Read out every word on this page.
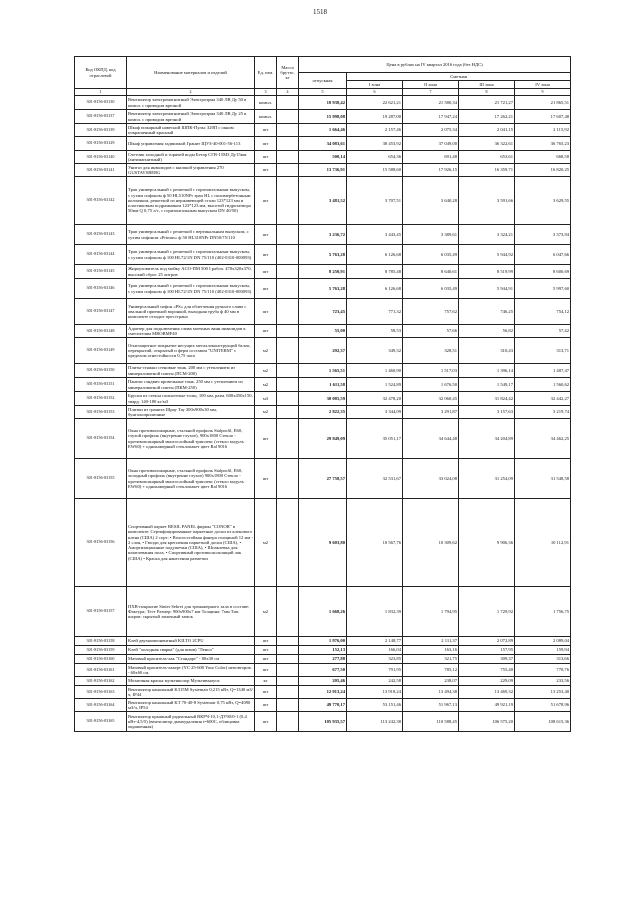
1518
Код ОКПД, код отраслевой	Наименование материалов и изделий	Ед. изм.	Масса брутто, кг	Цена в рублях на IV квартал 2016 года (без НДС)				
				отпускная	Сметная			
					I зона	II зона	III зона	IV зона
1	2	3	4	5	6	7	8	9
301-8156-03130	Вентилятор электромагнитный Электроэрма 340 ЛВ Ду 50 в компл. с приводом врезной	компл.		18 938,42	22 621,21	21 580,34	21 721,27	21 865,51
301-8156-03137	Вентилятор электромагнитный Электроэрма 340 ЛВ Ду 25 в компл. с приводом врезной	компл.		15 998,08	19 287,00	17 947,24	17 262,21	17 607,48
301-8156-03139	Шкаф пожарный навесной ШПК-Пульс 320П с окном покрашенный красный	шт		1 664,46	2 157,46	2 075,34	2 041,15	2 115,92
301-8156-03129	Шкаф управления задвижкой Гранит ЩУЗ-40-001-56-113	шт		34 083,61	38 453,92	37 049,00	36 322,61	36 765,23
301-8156-03140	Счетчик холодной и горячей воды Бетар СГВ-15М3 Ду15мм (антимагнитный)	шт		500,14	654,36	691,48	653,61	668,58
301-8156-03141	Унитаз для инвалидов с кнопкой управления 270 GUSTAVSBERG	шт		13 736,91	15 588,60	17 926,15	16 359,71	16 820,25
301-8156-03142	Трап универсальный с решеткой с горизонтальным выпуском, с сухим сифоном ф 50 HL510NPr трап HL с полимербетонным колпачком, решеткой из нержавеющей стали 123*123 мм и пластиковым подрамником 123*123 мм, высотой гидрозатвора 50мм Q 0,75 л/с, с горизонтальным выпуском DN 40/50)	шт		3 481,52	3 707,51	3 640,28	3 591,66	3 629,55
301-8156-03143	Трап универсальный с решеткой с вертикальным выпуском, с сухим сифоном «Primus» ф 50 HL310NPr DN50/75/110	шт		3 236,72	3 443,45	3 389,61	3 324,21	3 373,94
301-8156-03144	Трап универсальный с решеткой с горизонтальным выпуском, с сухим сифоном ф 100 HL72/1N DN 75/110 (402-0310-000093)	шт		5 763,28	6 126,68	6 035,49	5 944,92	6 047,66
301-8156-03145	Жироуловитель под мойку ACO-ПМ 500 I рабоч. 470х320х370, высокий сброс 25 литров	шт		8 250,91	8 785,48	8 640,61	8 519,99	8 600,69
301-8156-03146	Трап универсальный с решеткой с горизонтальным выпуском, с сухим сифоном ф 100 HL72/1N DN 75/110 (402-0310-000093)	шт		5 763,28	6 126,68	6 035,49	5 944,91	5 997,60
301-8156-03147	Универсальный сифон «PS» для облегчения ручного слива с овальной приемной воронкой, выходная труба ф 40 мм в комплекте отходит пресстрана	шт		723,45	771,32	757,62	746,25	754,12
301-8156-03148	Адаптер для подключения слива моечных ванн инвалидов к смесителям MRORMF40	шт		55,00	58,53	57,66	56,82	57,42
301-8156-03149	Огнезащитное покрытие несущих металлоконструкций балок, перекрытий, открытый и ферм составом "UNITERM" с пределом огнестойкости 0,75 часа	м2		292,37	349,32	328,51	310,43	313,71
301-8156-03150	Плиты-стяжки стеновые тонк. 200 мм с утеплением из минераловатной плиты (ПСМ-200)	м2		1 565,51	1 460,90	1 517,03	1 396,14	1 407,47
301-8156-03151	Панели сэндвич кровельные тонк. 250 мм с утеплением из минераловатной плиты (ПКМ-250)	м2		1 611,58	1 524,89	1 676,50	1 549,17	1 560,62
301-8156-03152	Бруски из стекла полнотелые толщ. 100 мм, разм. 600х450х150, твард. 140-180 кг/м3	м3		30 085,59	32 478,20	32 060,45	31 824,42	32 442,27
301-8156-03153	Плитки из гранита Шрау Тау 300х900х30 мм, бунгалоприличные	м2		2 822,35	3 344,09	3 291,87	3 157,63	3 219,74
301-8156-03154	Окна противопожарные, стальной профиль Stalprofil, E60, глухой профиль (внутренне глухое), 900х1800 Стекло - противопожарный многослойный триплекс (стекло модуль EW60) + однокамерный стеклопакет цвет Ral 9016	шт		29 849,09	35 051,17	34 644,48	34 204,89	34 462,25
301-8156-03155	Окна противопожарные, стальной профиль Stalprofil, E60, холодный профиль (внутренне глухое) 900х1800 Стекло - противопожарный многослойный триплекс (стекло модуль EW60) + однокамерный стеклопакет цвет Ral 9016	шт		27 758,57	32 531,67	33 024,08	31 254,09	31 548,58
301-8156-03156	Спортивный паркет RESIL PANEL фирмы "CONOR" в комплекте: Сертифицированные паркетные доски из кленового клена (США) 2 сорт: • Вологостойкая фанера толщиной 12 мм - 2 слоя, • Гвозди для крепления паркетной доски (США), • Амортизационные подушечки (США), • Шпаклевка для шпатлевания пола, • Спортивный противоскользящий лак (США) • Краска для нанесения разметки	м2		9 603,80	10 567,76	10 309,62	9 906,36	10 112,91
301-8156-03157	ПХВ-покрытие Sinter Sekret для тренажерного зала в составе: Фактура: Тест Размер: 900х900х7 мм Толщина: 7мм Тип. шаров: скрытый замочный замок	м2		1 668,26	1 832,39	1 794,95	1 729,92	1 756,75
301-8156-03158	Клей двухкомпонентный KILTO 2CPU	шт		1 976,00	2 148,77	2 111,37	2 072,89	2 089,04
301-8156-03159	Клей "холодная сварка" (для швов) "Ленол"	шт		152,13	166,04	163,16	157,95	159,94
301-8156-03160	Матовый краситель-лак "Стандарт" - 80х30 см	шт		277,88	323,85	321,75	309,37	313,66
301-8156-03161	Матовый краситель-лакерт (YC 25-600 Your Color) неповторов. - 60х60 см.	шт		677,50	791,95	785,12	755,40	770,76
301-8156-03162	Мозаичная краска мультиколор Мультивыпуск	кг		205,46	242,58	238,07	229,09	233,56
301-8156-03163	Вентилятор канальный K315M Systemair 0,215 кВт, Q=1340 м3/ч, IP44	шт		12 913,24	13 918,24	13 494,38	13 469,32	13 253,40
301-8156-03164	Вентилятор канальный KT 70-40-8 Systemair 0,75 кВт, Q=4090 м3/ч, IP54	шт		49 770,17	53 151,46	51 967,13	49 921,19	51 678,96
301-8156-03165	Вентилятор крышный радиальный ВКРЧ-10,1-ДУ90/0-1 (0,4 кВт-4,5/5) (вентилятор дымоудаления t=600С, облицовка окрашенная)	шт		105 935,57	113 242,38	110 588,45	106 575,20	108 615,36
